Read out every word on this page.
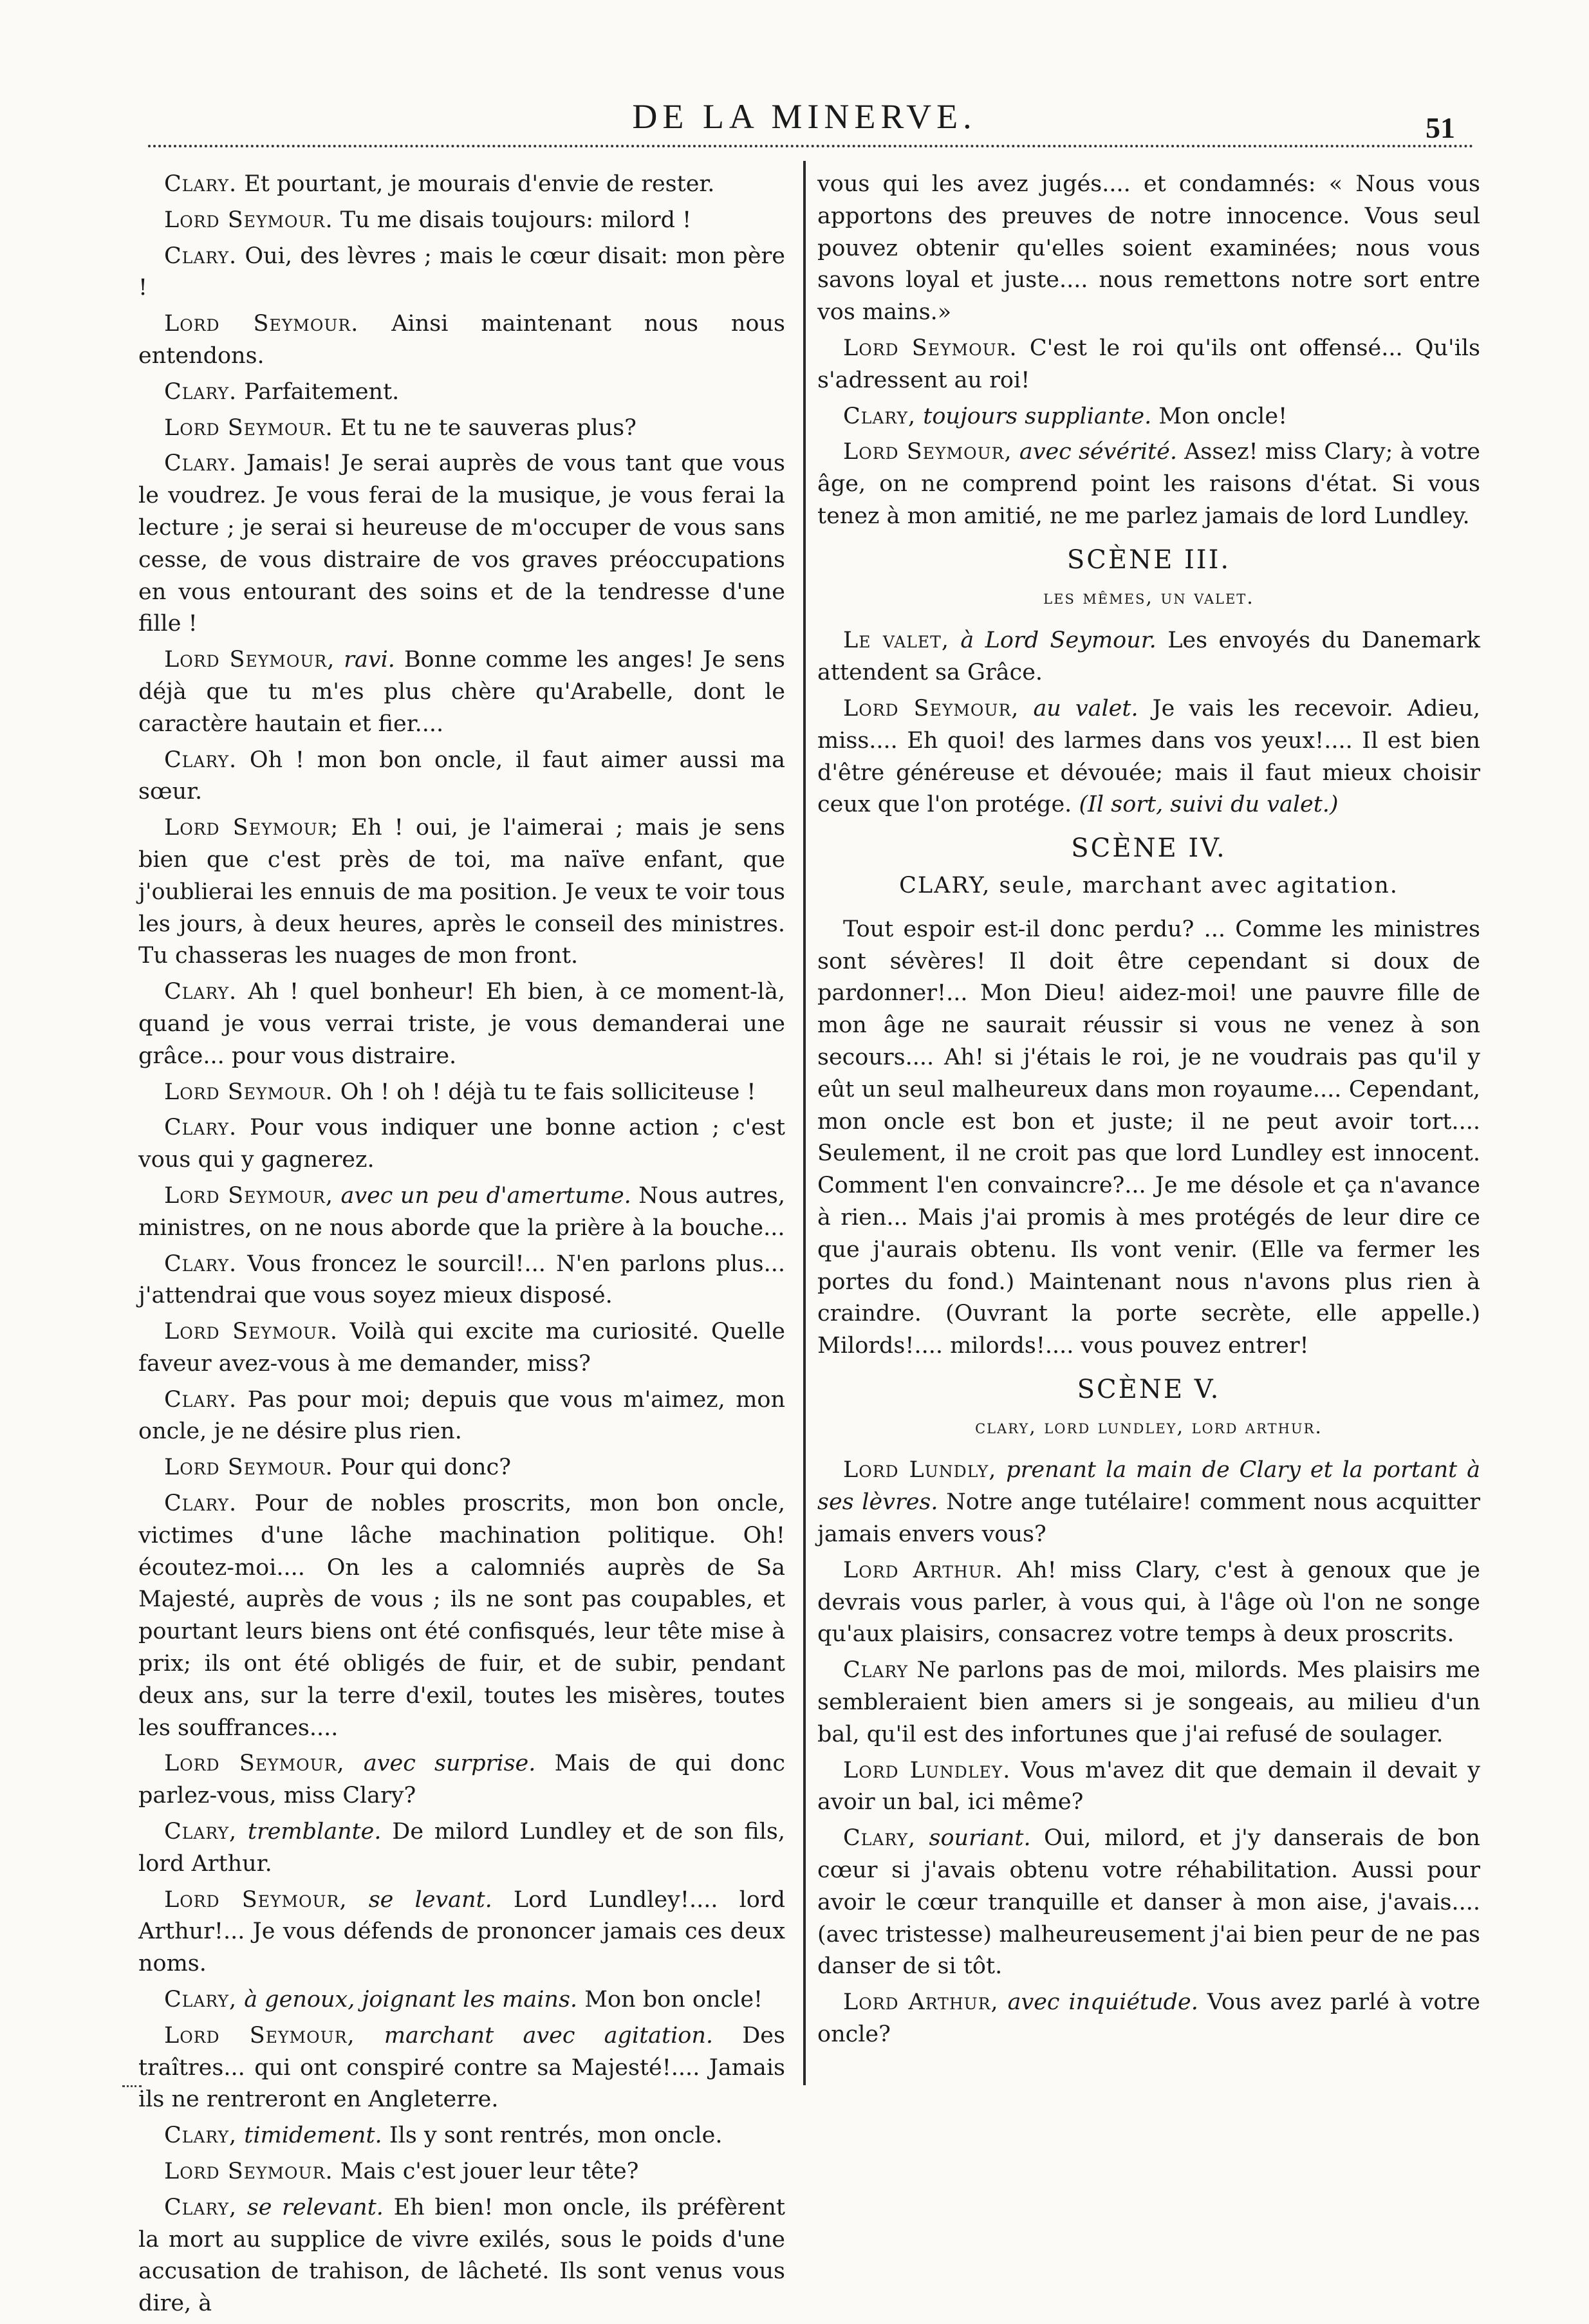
DE LA MINERVE.	51

Clary. Et pourtant, je mourais d'envie de rester.

Lord Seymour. Tu me disais toujours: milord !

Clary. Oui, des lèvres ; mais le cœur disait: mon père !

Lord Seymour. Ainsi maintenant nous nous entendons.

Clary. Parfaitement.

Lord Seymour. Et tu ne te sauveras plus?

Clary. Jamais! Je serai auprès de vous tant que vous le voudrez. Je vous ferai de la musique, je vous ferai la lecture ; je serai si heureuse de m'occuper de vous sans cesse, de vous distraire de vos graves préoccupations en vous entourant des soins et de la tendresse d'une fille !

Lord Seymour, ravi. Bonne comme les anges! Je sens déjà que tu m'es plus chère qu'Arabelle, dont le caractère hautain et fier....

Clary. Oh ! mon bon oncle, il faut aimer aussi ma sœur.

Lord Seymour; Eh ! oui, je l'aimerai ; mais je sens bien que c'est près de toi, ma naïve enfant, que j'oublierai les ennuis de ma position. Je veux te voir tous les jours, à deux heures, après le conseil des ministres. Tu chasseras les nuages de mon front.

Clary. Ah ! quel bonheur! Eh bien, à ce moment-là, quand je vous verrai triste, je vous demanderai une grâce... pour vous distraire.

Lord Seymour. Oh ! oh ! déjà tu te fais solliciteuse !

Clary. Pour vous indiquer une bonne action ; c'est vous qui y gagnerez.

Lord Seymour, avec un peu d'amertume. Nous autres, ministres, on ne nous aborde que la prière à la bouche...

Clary. Vous froncez le sourcil!... N'en parlons plus... j'attendrai que vous soyez mieux disposé.

Lord Seymour. Voilà qui excite ma curiosité. Quelle faveur avez-vous à me demander, miss?

Clary. Pas pour moi; depuis que vous m'aimez, mon oncle, je ne désire plus rien.

Lord Seymour. Pour qui donc?

Clary. Pour de nobles proscrits, mon bon oncle, victimes d'une lâche machination politique. Oh! écoutez-moi.... On les a calomniés auprès de Sa Majesté, auprès de vous ; ils ne sont pas coupables, et pourtant leurs biens ont été confisqués, leur tête mise à prix; ils ont été obligés de fuir, et de subir, pendant deux ans, sur la terre d'exil, toutes les misères, toutes les souffrances....

Lord Seymour, avec surprise. Mais de qui donc parlez-vous, miss Clary?

Clary, tremblante. De milord Lundley et de son fils, lord Arthur.

Lord Seymour, se levant. Lord Lundley!.... lord Arthur!... Je vous défends de prononcer jamais ces deux noms.

Clary, à genoux, joignant les mains. Mon bon oncle!

Lord Seymour, marchant avec agitation. Des traîtres... qui ont conspiré contre sa Majesté!.... Jamais ils ne rentreront en Angleterre.

Clary, timidement. Ils y sont rentrés, mon oncle.

Lord Seymour. Mais c'est jouer leur tête?

Clary, se relevant. Eh bien! mon oncle, ils préfèrent la mort au supplice de vivre exilés, sous le poids d'une accusation de trahison, de lâcheté. Ils sont venus vous dire, à

vous qui les avez jugés.... et condamnés: « Nous vous apportons des preuves de notre innocence. Vous seul pouvez obtenir qu'elles soient examinées; nous vous savons loyal et juste.... nous remettons notre sort entre vos mains.»

Lord Seymour. C'est le roi qu'ils ont offensé... Qu'ils s'adressent au roi!

Clary, toujours suppliante. Mon oncle!

Lord Seymour, avec sévérité. Assez! miss Clary; à votre âge, on ne comprend point les raisons d'état. Si vous tenez à mon amitié, ne me parlez jamais de lord Lundley.

SCÈNE III.
les mêmes, un valet.

Le valet, à Lord Seymour. Les envoyés du Danemark attendent sa Grâce.

Lord Seymour, au valet. Je vais les recevoir. Adieu, miss.... Eh quoi! des larmes dans vos yeux!.... Il est bien d'être généreuse et dévouée; mais il faut mieux choisir ceux que l'on protége. (Il sort, suivi du valet.)

SCÈNE IV.
CLARY, seule, marchant avec agitation.

Tout espoir est-il donc perdu? ... Comme les ministres sont sévères! Il doit être cependant si doux de pardonner!... Mon Dieu! aidez-moi! une pauvre fille de mon âge ne saurait réussir si vous ne venez à son secours.... Ah! si j'étais le roi, je ne voudrais pas qu'il y eût un seul malheureux dans mon royaume.... Cependant, mon oncle est bon et juste; il ne peut avoir tort.... Seulement, il ne croit pas que lord Lundley est innocent. Comment l'en convaincre?... Je me désole et ça n'avance à rien... Mais j'ai promis à mes protégés de leur dire ce que j'aurais obtenu. Ils vont venir. (Elle va fermer les portes du fond.) Maintenant nous n'avons plus rien à craindre. (Ouvrant la porte secrète, elle appelle.) Milords!.... milords!.... vous pouvez entrer!

SCÈNE V.
clary, lord lundley, lord arthur.

Lord Lundly, prenant la main de Clary et la portant à ses lèvres. Notre ange tutélaire! comment nous acquitter jamais envers vous?

Lord Arthur. Ah! miss Clary, c'est à genoux que je devrais vous parler, à vous qui, à l'âge où l'on ne songe qu'aux plaisirs, consacrez votre temps à deux proscrits.

Clary Ne parlons pas de moi, milords. Mes plaisirs me sembleraient bien amers si je songeais, au milieu d'un bal, qu'il est des infortunes que j'ai refusé de soulager.

Lord Lundley. Vous m'avez dit que demain il devait y avoir un bal, ici même?

Clary, souriant. Oui, milord, et j'y danserais de bon cœur si j'avais obtenu votre réhabilitation. Aussi pour avoir le cœur tranquille et danser à mon aise, j'avais.... (avec tristesse) malheureusement j'ai bien peur de ne pas danser de si tôt.

Lord Arthur, avec inquiétude. Vous avez parlé à votre oncle?
